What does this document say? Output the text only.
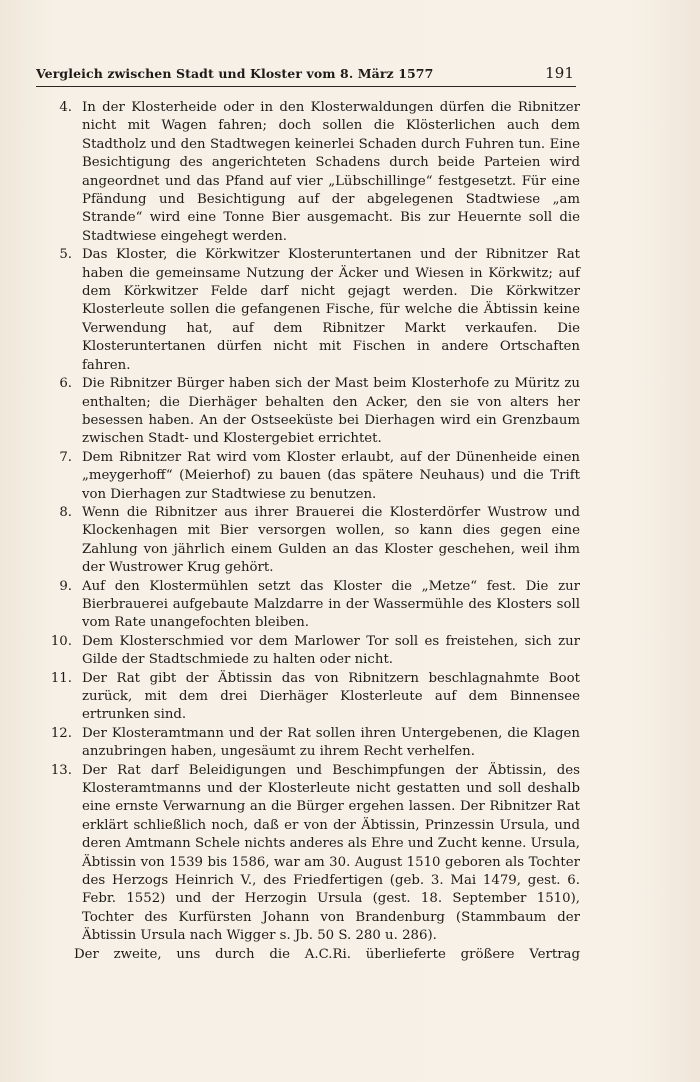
Vergleich zwischen Stadt und Kloster vom 8. März 1577	191
4. In der Klosterheide oder in den Klosterwaldungen dürfen die Ribnitzer nicht mit Wagen fahren; doch sollen die Klösterlichen auch dem Stadtholz und den Stadtwegen keinerlei Schaden durch Fuhren tun. Eine Besichtigung des angerichteten Schadens durch beide Parteien wird angeordnet und das Pfand auf vier „Lübschillinge“ festgesetzt. Für eine Pfändung und Besichtigung auf der abgelegenen Stadtwiese „am Strande“ wird eine Tonne Bier ausgemacht. Bis zur Heuernte soll die Stadtwiese eingehegt werden.
5. Das Kloster, die Körkwitzer Klosteruntertanen und der Ribnitzer Rat haben die gemeinsame Nutzung der Äcker und Wiesen in Körkwitz; auf dem Körkwitzer Felde darf nicht gejagt werden. Die Körkwitzer Klosterleute sollen die gefangenen Fische, für welche die Äbtissin keine Verwendung hat, auf dem Ribnitzer Markt verkaufen. Die Klosteruntertanen dürfen nicht mit Fischen in andere Ortschaften fahren.
6. Die Ribnitzer Bürger haben sich der Mast beim Klosterhofe zu Müritz zu enthalten; die Dierhäger behalten den Acker, den sie von alters her besessen haben. An der Ostseeküste bei Dierhagen wird ein Grenzbaum zwischen Stadt- und Klostergebiet errichtet.
7. Dem Ribnitzer Rat wird vom Kloster erlaubt, auf der Dünenheide einen „meygerhoff“ (Meierhof) zu bauen (das spätere Neuhaus) und die Trift von Dierhagen zur Stadtwiese zu benutzen.
8. Wenn die Ribnitzer aus ihrer Brauerei die Klosterdörfer Wustrow und Klockenhagen mit Bier versorgen wollen, so kann dies gegen eine Zahlung von jährlich einem Gulden an das Kloster geschehen, weil ihm der Wustrower Krug gehört.
9. Auf den Klostermühlen setzt das Kloster die „Metze“ fest. Die zur Bierbrauerei aufgebaute Malzdarre in der Wassermühle des Klosters soll vom Rate unangefochten bleiben.
10. Dem Klosterschmied vor dem Marlower Tor soll es freistehen, sich zur Gilde der Stadtschmiede zu halten oder nicht.
11. Der Rat gibt der Äbtissin das von Ribnitzern beschlagnahmte Boot zurück, mit dem drei Dierhäger Klosterleute auf dem Binnensee ertrunken sind.
12. Der Klosteramtmann und der Rat sollen ihren Untergebenen, die Klagen anzubringen haben, ungesäumt zu ihrem Recht verhelfen.
13. Der Rat darf Beleidigungen und Beschimpfungen der Äbtissin, des Klosteramtmanns und der Klosterleute nicht gestatten und soll deshalb eine ernste Verwarnung an die Bürger ergehen lassen. Der Ribnitzer Rat erklärt schließlich noch, daß er von der Äbtissin, Prinzessin Ursula, und deren Amtmann Schele nichts anderes als Ehre und Zucht kenne. Ursula, Äbtissin von 1539 bis 1586, war am 30. August 1510 geboren als Tochter des Herzogs Heinrich V., des Friedfertigen (geb. 3. Mai 1479, gest. 6. Febr. 1552) und der Herzogin Ursula (gest. 18. September 1510), Tochter des Kurfürsten Johann von Brandenburg (Stammbaum der Äbtissin Ursula nach Wigger s. Jb. 50 S. 280 u. 286).

Der zweite, uns durch die A.C.Ri. überlieferte größere Vertrag
